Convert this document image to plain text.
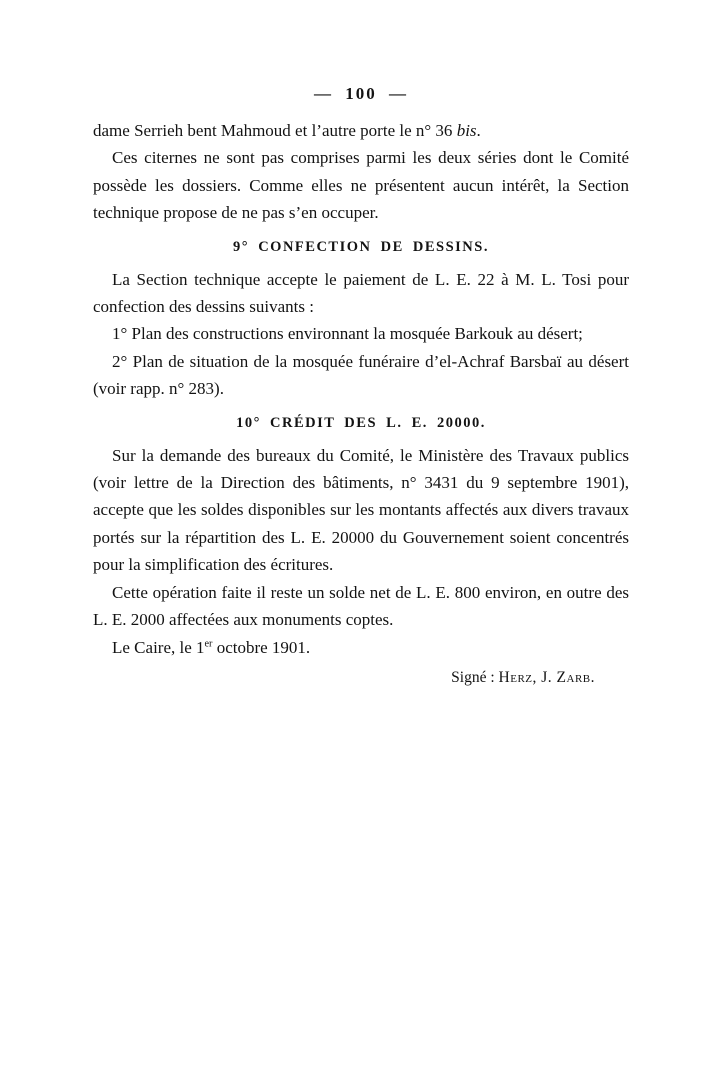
— 100 —

dame Serrieh bent Mahmoud et l’autre porte le n° 36 bis.

Ces citernes ne sont pas comprises parmi les deux séries dont le Comité possède les dossiers. Comme elles ne présentent aucun intérêt, la Section technique propose de ne pas s’en occuper.

9° CONFECTION DE DESSINS.

La Section technique accepte le paiement de L. E. 22 à M. L. Tosi pour confection des dessins suivants :

1° Plan des constructions environnant la mosquée Barkouk au désert;

2° Plan de situation de la mosquée funéraire d’el-Achraf Barsbaï au désert (voir rapp. n° 283).

10° CRÉDIT DES L. E. 20000.

Sur la demande des bureaux du Comité, le Ministère des Travaux publics (voir lettre de la Direction des bâtiments, n° 3431 du 9 septembre 1901), accepte que les soldes disponibles sur les montants affectés aux divers travaux portés sur la répartition des L. E. 20000 du Gouvernement soient concentrés pour la simplification des écritures.

Cette opération faite il reste un solde net de L. E. 800 environ, en outre des L. E. 2000 affectées aux monuments coptes.

Le Caire, le 1er octobre 1901.

Signé : Herz, J. Zarb.
